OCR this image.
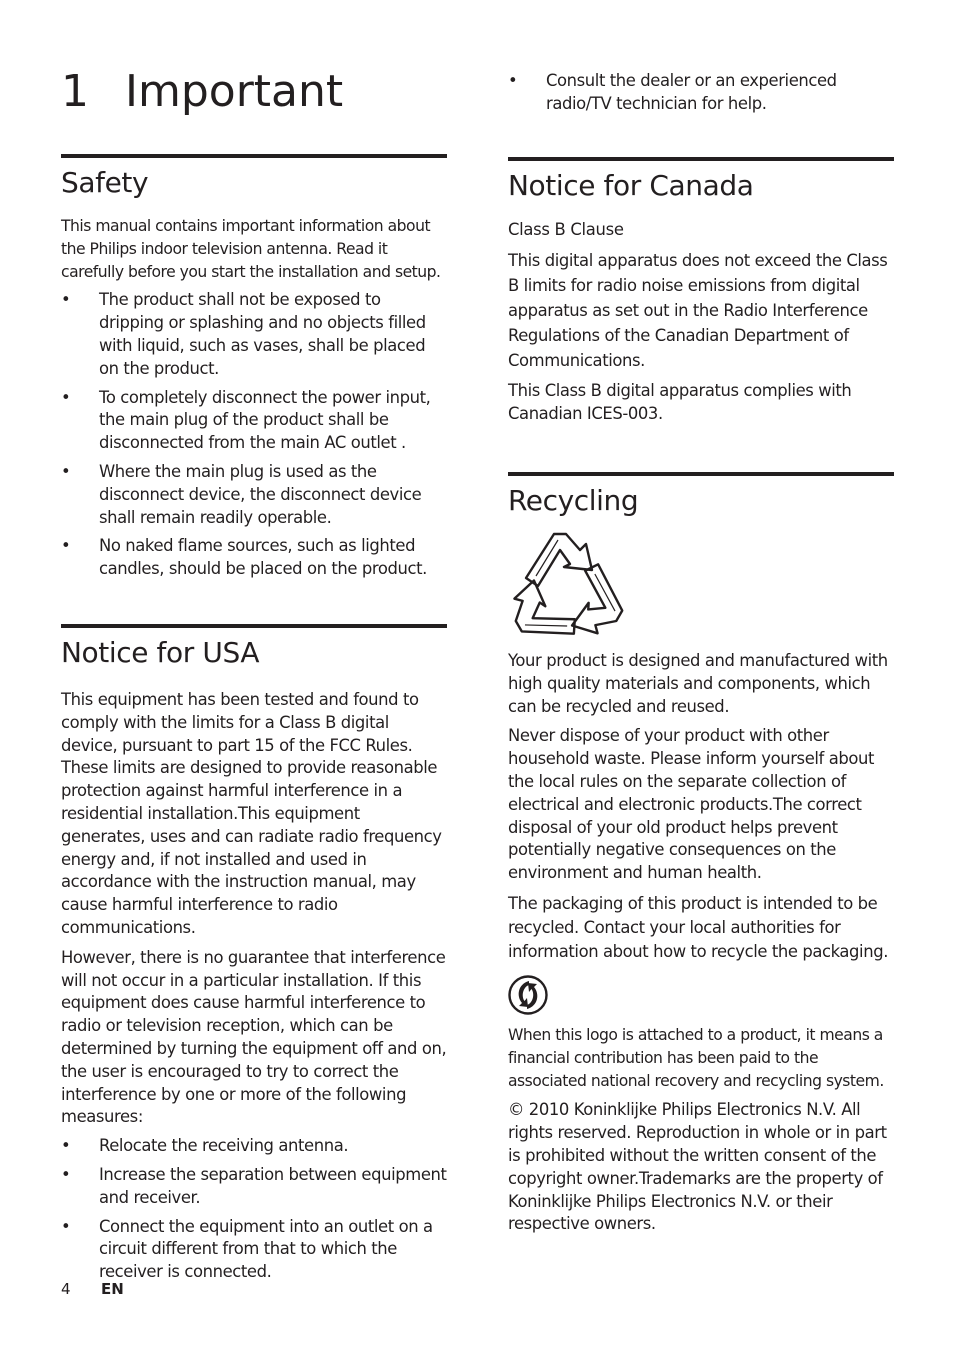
1 Important
Safety

This manual contains important information about the Philips indoor television antenna. Read it carefully before you start the installation and setup.

• The product shall not be exposed to dripping or splashing and no objects filled with liquid, such as vases, shall be placed on the product.
• To completely disconnect the power input, the main plug of the product shall be disconnected from the main AC outlet .
• Where the main plug is used as the disconnect device, the disconnect device shall remain readily operable.
• No naked flame sources, such as lighted candles, should be placed on the product.
Notice for USA

This equipment has been tested and found to comply with the limits for a Class B digital device, pursuant to part 15 of the FCC Rules. These limits are designed to provide reasonable protection against harmful interference in a residential installation.This equipment generates, uses and can radiate radio frequency energy and, if not installed and used in accordance with the instruction manual, may cause harmful interference to radio communications.

However, there is no guarantee that interference will not occur in a particular installation. If this equipment does cause harmful interference to radio or television reception, which can be determined by turning the equipment off and on, the user is encouraged to try to correct the interference by one or more of the following measures:

• Relocate the receiving antenna.
• Increase the separation between equipment and receiver.
• Connect the equipment into an outlet on a circuit different from that to which the receiver is connected.
• Consult the dealer or an experienced radio/TV technician for help.
Notice for Canada
Class B Clause

This digital apparatus does not exceed the Class B limits for radio noise emissions from digital apparatus as set out in the Radio Interference Regulations of the Canadian Department of Communications.

This Class B digital apparatus complies with Canadian ICES-003.

Recycling

Your product is designed and manufactured with high quality materials and components, which can be recycled and reused.

Never dispose of your product with other household waste. Please inform yourself about the local rules on the separate collection of electrical and electronic products.The correct disposal of your old product helps prevent potentially negative consequences on the environment and human health.

The packaging of this product is intended to be recycled. Contact your local authorities for information about how to recycle the packaging.

When this logo is attached to a product, it means a financial contribution has been paid to the associated national recovery and recycling system.

© 2010 Koninklijke Philips Electronics N.V. All rights reserved. Reproduction in whole or in part is prohibited without the written consent of the copyright owner.Trademarks are the property of Koninklijke Philips Electronics N.V. or their respective owners.

4 EN
